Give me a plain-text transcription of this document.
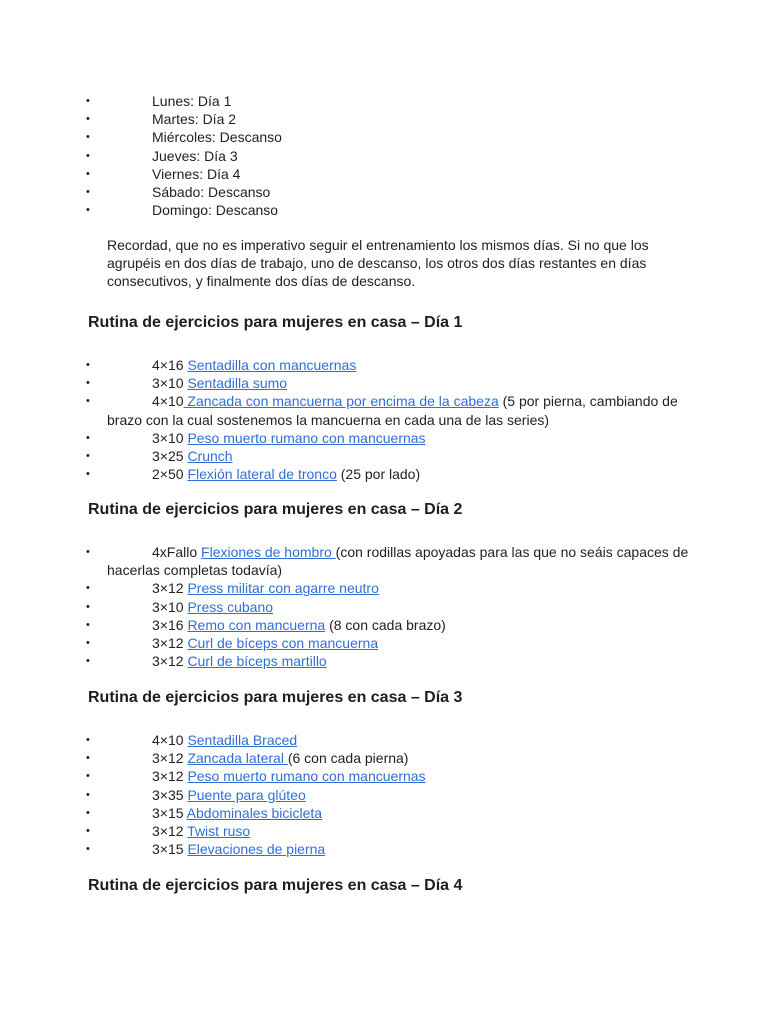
•	Lunes: Día 1
•	Martes: Día 2
•	Miércoles: Descanso
•	Jueves: Día 3
•	Viernes: Día 4
•	Sábado: Descanso
•	Domingo: Descanso

Recordad, que no es imperativo seguir el entrenamiento los mismos días. Si no que los agrupéis en dos días de trabajo, uno de descanso, los otros dos días restantes en días consecutivos, y finalmente dos días de descanso.

Rutina de ejercicios para mujeres en casa – Día 1
•	4×16 Sentadilla con mancuernas
•	3×10 Sentadilla sumo
•	4×10 Zancada con mancuerna por encima de la cabeza (5 por pierna, cambiando de brazo con la cual sostenemos la mancuerna en cada una de las series)
•	3×10 Peso muerto rumano con mancuernas
•	3×25 Crunch
•	2×50 Flexión lateral de tronco (25 por lado)
Rutina de ejercicios para mujeres en casa – Día 2
•	4xFallo Flexiones de hombro (con rodillas apoyadas para las que no seáis capaces de hacerlas completas todavía)
•	3×12 Press militar con agarre neutro
•	3×10 Press cubano
•	3×16 Remo con mancuerna (8 con cada brazo)
•	3×12 Curl de bíceps con mancuerna
•	3×12 Curl de bíceps martillo
Rutina de ejercicios para mujeres en casa – Día 3
•	4×10 Sentadilla Braced
•	3×12 Zancada lateral (6 con cada pierna)
•	3×12 Peso muerto rumano con mancuernas
•	3×35 Puente para glúteo
•	3×15 Abdominales bicicleta
•	3×12 Twist ruso
•	3×15 Elevaciones de pierna
Rutina de ejercicios para mujeres en casa – Día 4
